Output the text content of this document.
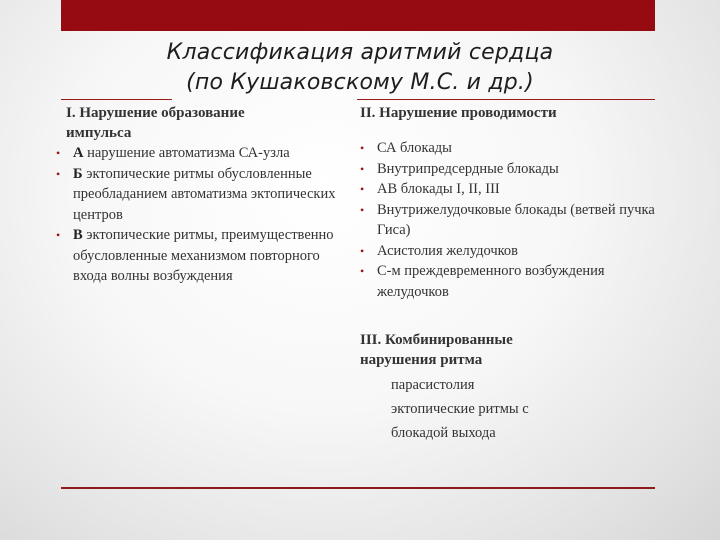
Классификация аритмий сердца
(по Кушаковскому М.С. и др.)
I. Нарушение образование
импульса
• А нарушение автоматизма СА-узла
• Б эктопические ритмы обусловленные преобладанием автоматизма эктопических центров
• В эктопические ритмы, преимущественно обусловленные механизмом повторного входа волны возбуждения
II. Нарушение проводимости
• СА блокады
• Внутрипредсердные блокады
• АВ блокады I, II, III
• Внутрижелудочковые блокады (ветвей пучка Гиса)
• Асистолия желудочков
• С-м преждевременного возбуждения желудочков
III. Комбинированные
нарушения ритма
парасистолия
эктопические ритмы с
блокадой выхода
